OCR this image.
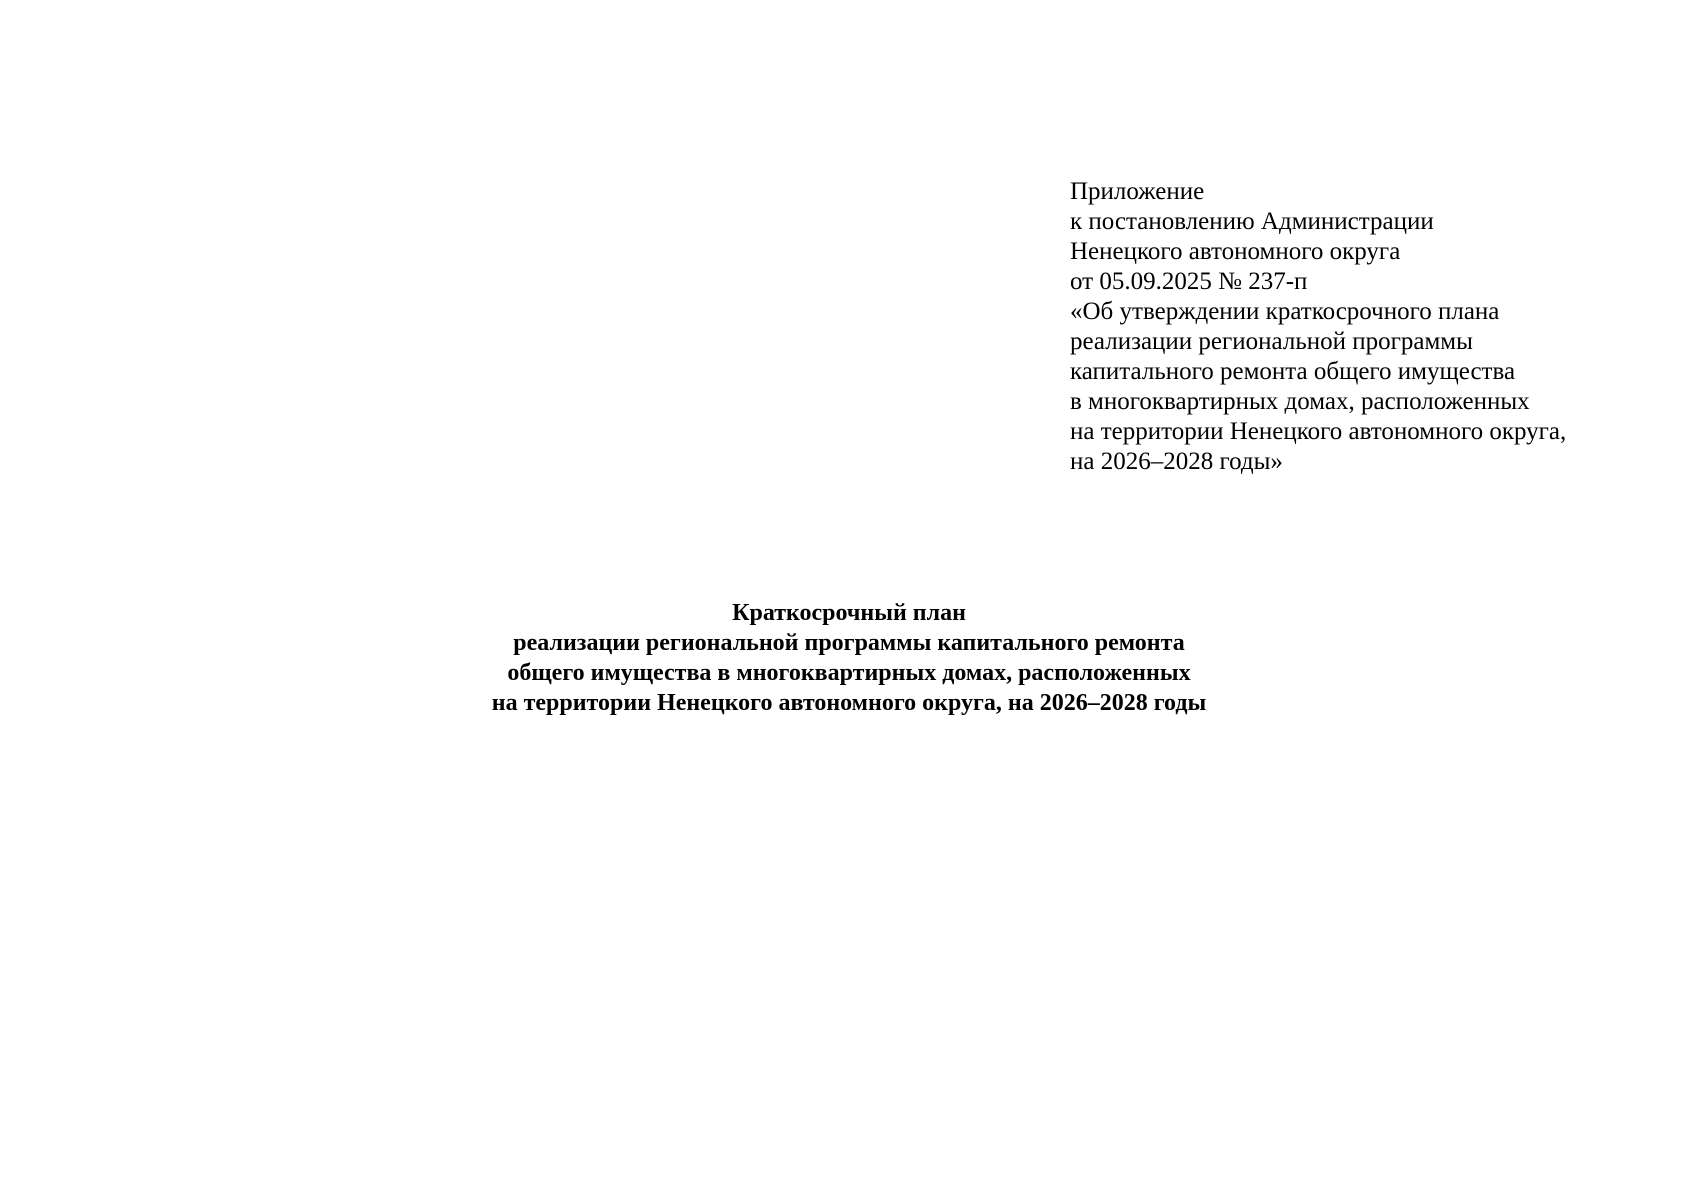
Приложение
к постановлению Администрации
Ненецкого автономного округа
от 05.09.2025 № 237-п
«Об утверждении краткосрочного плана
реализации региональной программы
капитального ремонта общего имущества
в многоквартирных домах, расположенных
на территории Ненецкого автономного округа,
на 2026–2028 годы»
Краткосрочный план
реализации региональной программы капитального ремонта
общего имущества в многоквартирных домах, расположенных
на территории Ненецкого автономного округа, на 2026–2028 годы
